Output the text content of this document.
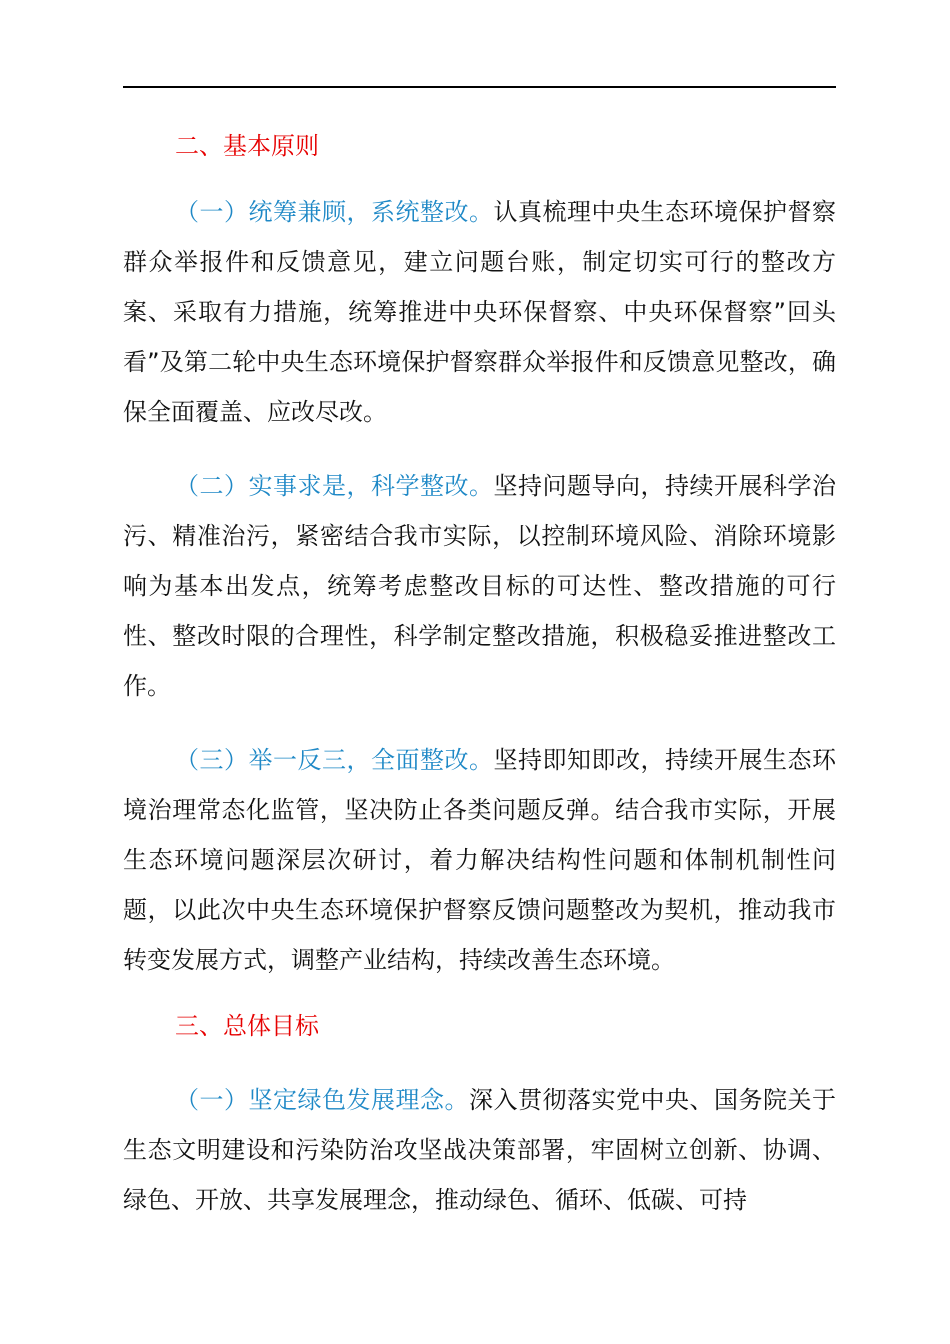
二、基本原则

（一）统筹兼顾，系统整改。认真梳理中央生态环境保护督察群众举报件和反馈意见，建立问题台账，制定切实可行的整改方案、采取有力措施，统筹推进中央环保督察、中央环保督察”回头看”及第二轮中央生态环境保护督察群众举报件和反馈意见整改，确保全面覆盖、应改尽改。

（二）实事求是，科学整改。坚持问题导向，持续开展科学治污、精准治污，紧密结合我市实际，以控制环境风险、消除环境影响为基本出发点，统筹考虑整改目标的可达性、整改措施的可行性、整改时限的合理性，科学制定整改措施，积极稳妥推进整改工作。

（三）举一反三，全面整改。坚持即知即改，持续开展生态环境治理常态化监管，坚决防止各类问题反弹。结合我市实际，开展生态环境问题深层次研讨，着力解决结构性问题和体制机制性问题，以此次中央生态环境保护督察反馈问题整改为契机，推动我市转变发展方式，调整产业结构，持续改善生态环境。

三、总体目标

（一）坚定绿色发展理念。深入贯彻落实党中央、国务院关于生态文明建设和污染防治攻坚战决策部署，牢固树立创新、协调、绿色、开放、共享发展理念，推动绿色、循环、低碳、可持
